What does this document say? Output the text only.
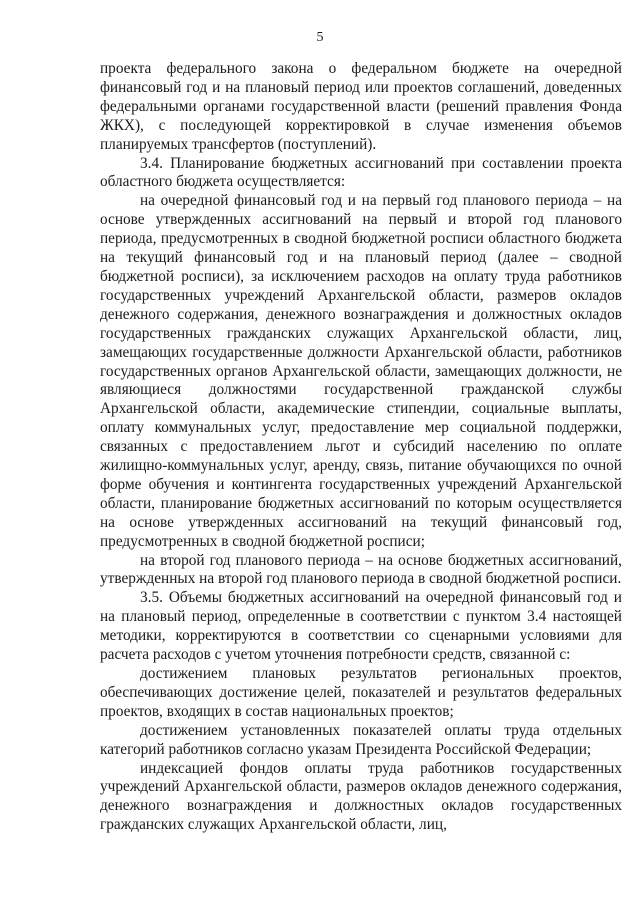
5

проекта федерального закона о федеральном бюджете на очередной финансовый год и на плановый период или проектов соглашений, доведенных федеральными органами государственной власти (решений правления Фонда ЖКХ), с последующей корректировкой в случае изменения объемов планируемых трансфертов (поступлений).

3.4. Планирование бюджетных ассигнований при составлении проекта областного бюджета осуществляется:

на очередной финансовый год и на первый год планового периода – на основе утвержденных ассигнований на первый и второй год планового периода, предусмотренных в сводной бюджетной росписи областного бюджета на текущий финансовый год и на плановый период (далее – сводной бюджетной росписи), за исключением расходов на оплату труда работников государственных учреждений Архангельской области, размеров окладов денежного содержания, денежного вознаграждения и должностных окладов государственных гражданских служащих Архангельской области, лиц, замещающих государственные должности Архангельской области, работников государственных органов Архангельской области, замещающих должности, не являющиеся должностями государственной гражданской службы Архангельской области, академические стипендии, социальные выплаты, оплату коммунальных услуг, предоставление мер социальной поддержки, связанных с предоставлением льгот и субсидий населению по оплате жилищно-коммунальных услуг, аренду, связь, питание обучающихся по очной форме обучения и контингента государственных учреждений Архангельской области, планирование бюджетных ассигнований по которым осуществляется на основе утвержденных ассигнований на текущий финансовый год, предусмотренных в сводной бюджетной росписи;

на второй год планового периода – на основе бюджетных ассигнований, утвержденных на второй год планового периода в сводной бюджетной росписи.

3.5. Объемы бюджетных ассигнований на очередной финансовый год и на плановый период, определенные в соответствии с пунктом 3.4 настоящей методики, корректируются в соответствии со сценарными условиями для расчета расходов с учетом уточнения потребности средств, связанной с:

достижением плановых результатов региональных проектов, обеспечивающих достижение целей, показателей и результатов федеральных проектов, входящих в состав национальных проектов;

достижением установленных показателей оплаты труда отдельных категорий работников согласно указам Президента Российской Федерации;

индексацией фондов оплаты труда работников государственных учреждений Архангельской области, размеров окладов денежного содержания, денежного вознаграждения и должностных окладов государственных гражданских служащих Архангельской области, лиц,
